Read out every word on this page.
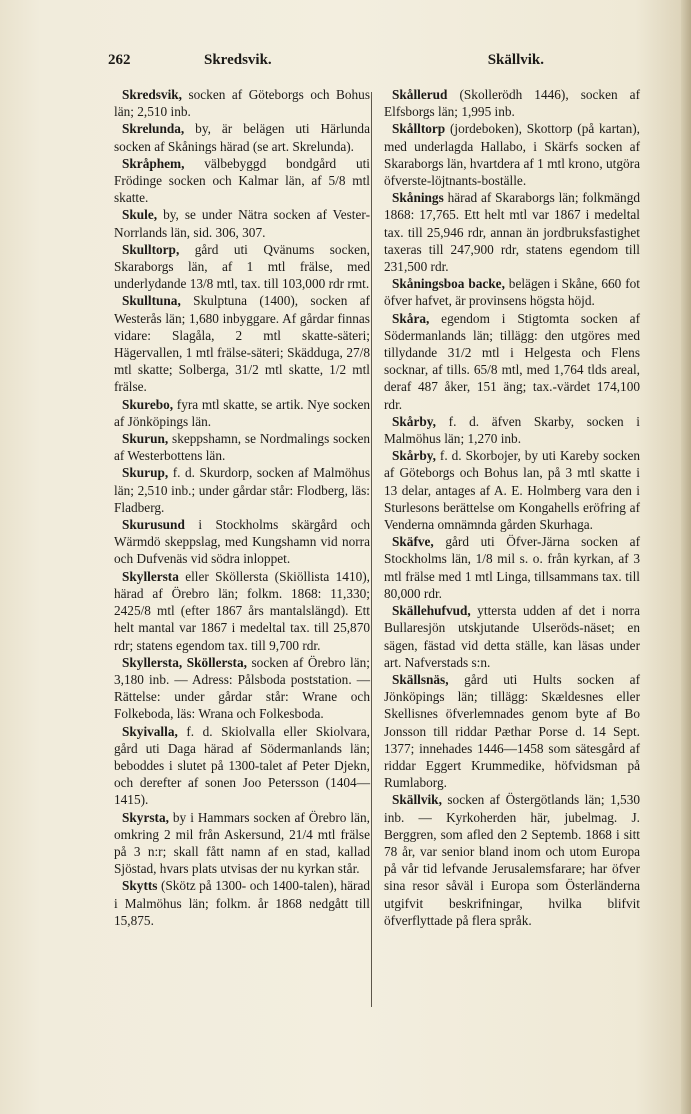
262	Skredsvik.	Skällvik.

Skredsvik, socken af Göteborgs och Bohus län; 2,510 inb.

Skrelunda, by, är belägen uti Härlunda socken af Skånings härad (se art. Skrelunda).

Skråphem, välbebyggd bondgård uti Frödinge socken och Kalmar län, af 5/8 mtl skatte.

Skule, by, se under Nätra socken af Vester-Norrlands län, sid. 306, 307.

Skulltorp, gård uti Qvänums socken, Skaraborgs län, af 1 mtl frälse, med underlydande 13/8 mtl, tax. till 103,000 rdr rmt.

Skulltuna, Skulptuna (1400), socken af Westerås län; 1,680 inbyggare. Af gårdar finnas vidare: Slagåla, 2 mtl skatte-säteri; Hägervallen, 1 mtl frälse-säteri; Skädduga, 27/8 mtl skatte; Solberga, 31/2 mtl skatte, 1/2 mtl frälse.

Skurebo, fyra mtl skatte, se artik. Nye socken af Jönköpings län.

Skurun, skeppshamn, se Nordmalings socken af Westerbottens län.

Skurup, f. d. Skurdorp, socken af Malmöhus län; 2,510 inb.; under gårdar står: Flodberg, läs: Fladberg.

Skurusund i Stockholms skärgård och Wärmdö skeppslag, med Kungshamn vid norra och Dufvenäs vid södra inloppet.

Skyllersta eller Sköllersta (Skiöllista 1410), härad af Örebro län; folkm. 1868: 11,330; 2425/8 mtl (efter 1867 års mantalslängd). Ett helt mantal var 1867 i medeltal tax. till 25,870 rdr; statens egendom tax. till 9,700 rdr.

Skyllersta, Sköllersta, socken af Örebro län; 3,180 inb. — Adress: Pålsboda poststation. — Rättelse: under gårdar står: Wrane och Folkeboda, läs: Wrana och Folkesboda.

Skyivalla, f. d. Skiolvalla eller Skiolvara, gård uti Daga härad af Södermanlands län; beboddes i slutet på 1300-talet af Peter Djekn, och derefter af sonen Joo Petersson (1404—1415).

Skyrsta, by i Hammars socken af Örebro län, omkring 2 mil från Askersund, 21/4 mtl frälse på 3 n:r; skall fått namn af en stad, kallad Sjöstad, hvars plats utvisas der nu kyrkan står.

Skytts (Skötz på 1300- och 1400-talen), härad i Malmöhus län; folkm. år 1868 nedgått till 15,875.

Skållerud (Skollerödh 1446), socken af Elfsborgs län; 1,995 inb.

Skålltorp (jordeboken), Skottorp (på kartan), med underlagda Hallabo, i Skärfs socken af Skaraborgs län, hvartdera af 1 mtl krono, utgöra öfverste-löjtnants-boställe.

Skånings härad af Skaraborgs län; folkmängd 1868: 17,765. Ett helt mtl var 1867 i medeltal tax. till 25,946 rdr, annan än jordbruksfastighet taxeras till 247,900 rdr, statens egendom till 231,500 rdr.

Skåningsboa backe, belägen i Skåne, 660 fot öfver hafvet, är provinsens högsta höjd.

Skåra, egendom i Stigtomta socken af Södermanlands län; tillägg: den utgöres med tillydande 31/2 mtl i Helgesta och Flens socknar, af tills. 65/8 mtl, med 1,764 tlds areal, deraf 487 åker, 151 äng; tax.-värdet 174,100 rdr.

Skårby, f. d. äfven Skarby, socken i Malmöhus län; 1,270 inb.

Skårby, f. d. Skorbojer, by uti Kareby socken af Göteborgs och Bohus lan, på 3 mtl skatte i 13 delar, antages af A. E. Holmberg vara den i Sturlesons berättelse om Kongahells eröfring af Venderna omnämnda gården Skurhaga.

Skäfve, gård uti Öfver-Järna socken af Stockholms län, 1/8 mil s. o. från kyrkan, af 3 mtl frälse med 1 mtl Linga, tillsammans tax. till 80,000 rdr.

Skällehufvud, yttersta udden af det i norra Bullaresjön utskjutande Ulseröds-näset; en sägen, fästad vid detta ställe, kan läsas under art. Nafverstads s:n.

Skällsnäs, gård uti Hults socken af Jönköpings län; tillägg: Skældesnes eller Skellisnes öfverlemnades genom byte af Bo Jonsson till riddar Pæthar Porse d. 14 Sept. 1377; innehades 1446—1458 som sätesgård af riddar Eggert Krummedike, höfvidsman på Rumlaborg.

Skällvik, socken af Östergötlands län; 1,530 inb. — Kyrkoherden här, jubelmag. J. Berggren, som afled den 2 Septemb. 1868 i sitt 78 år, var senior bland inom och utom Europa på vår tid lefvande Jerusalemsfarare; har öfver sina resor såväl i Europa som Österländerna utgifvit beskrifningar, hvilka blifvit öfverflyttade på flera språk.
